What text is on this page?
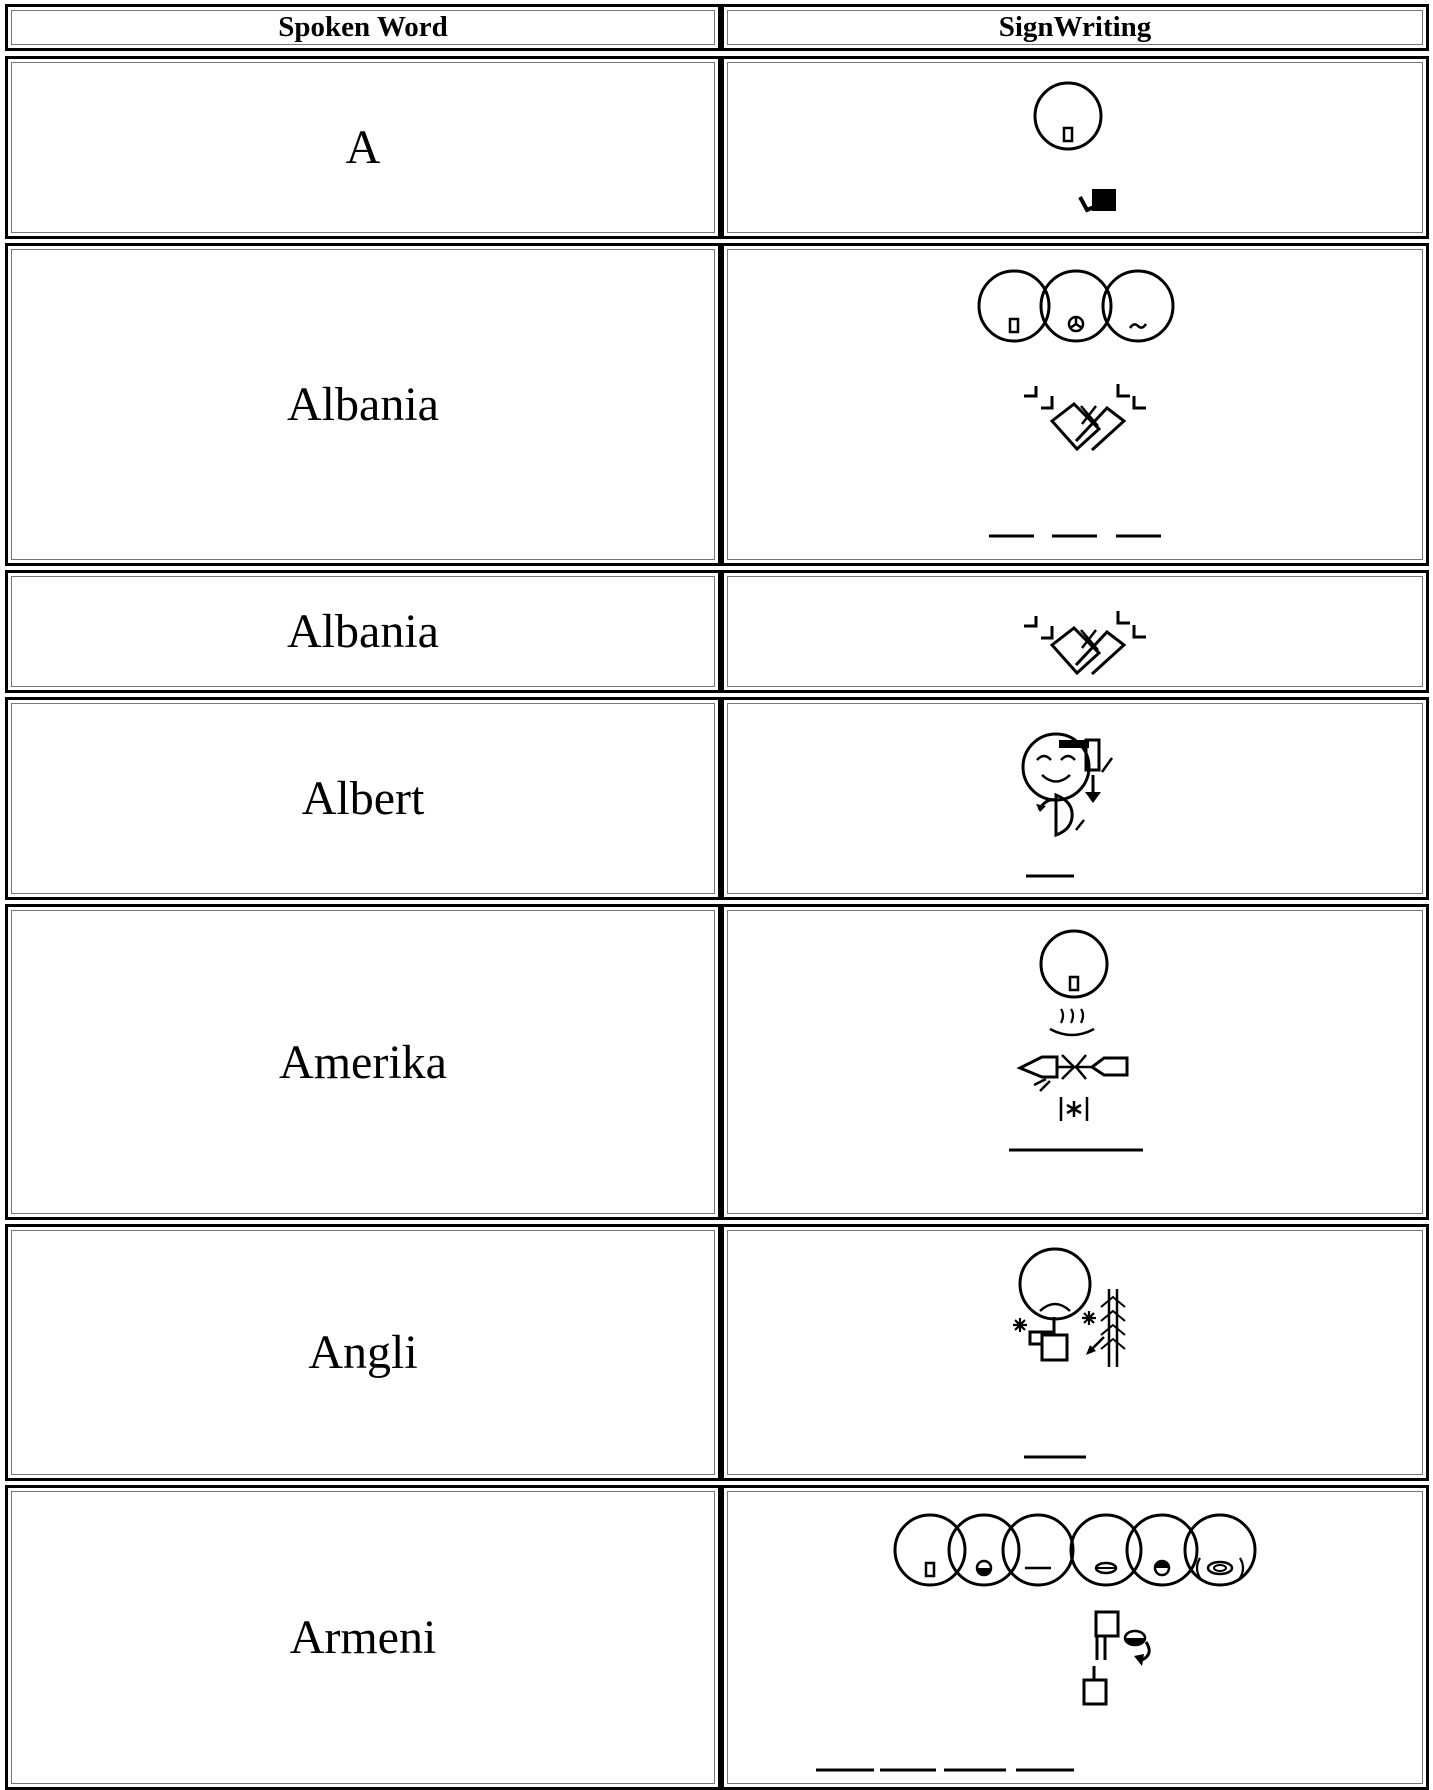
Spoken Word	SignWriting
A
Albania
Albania
Albert
Amerika
Angli
Armeni
